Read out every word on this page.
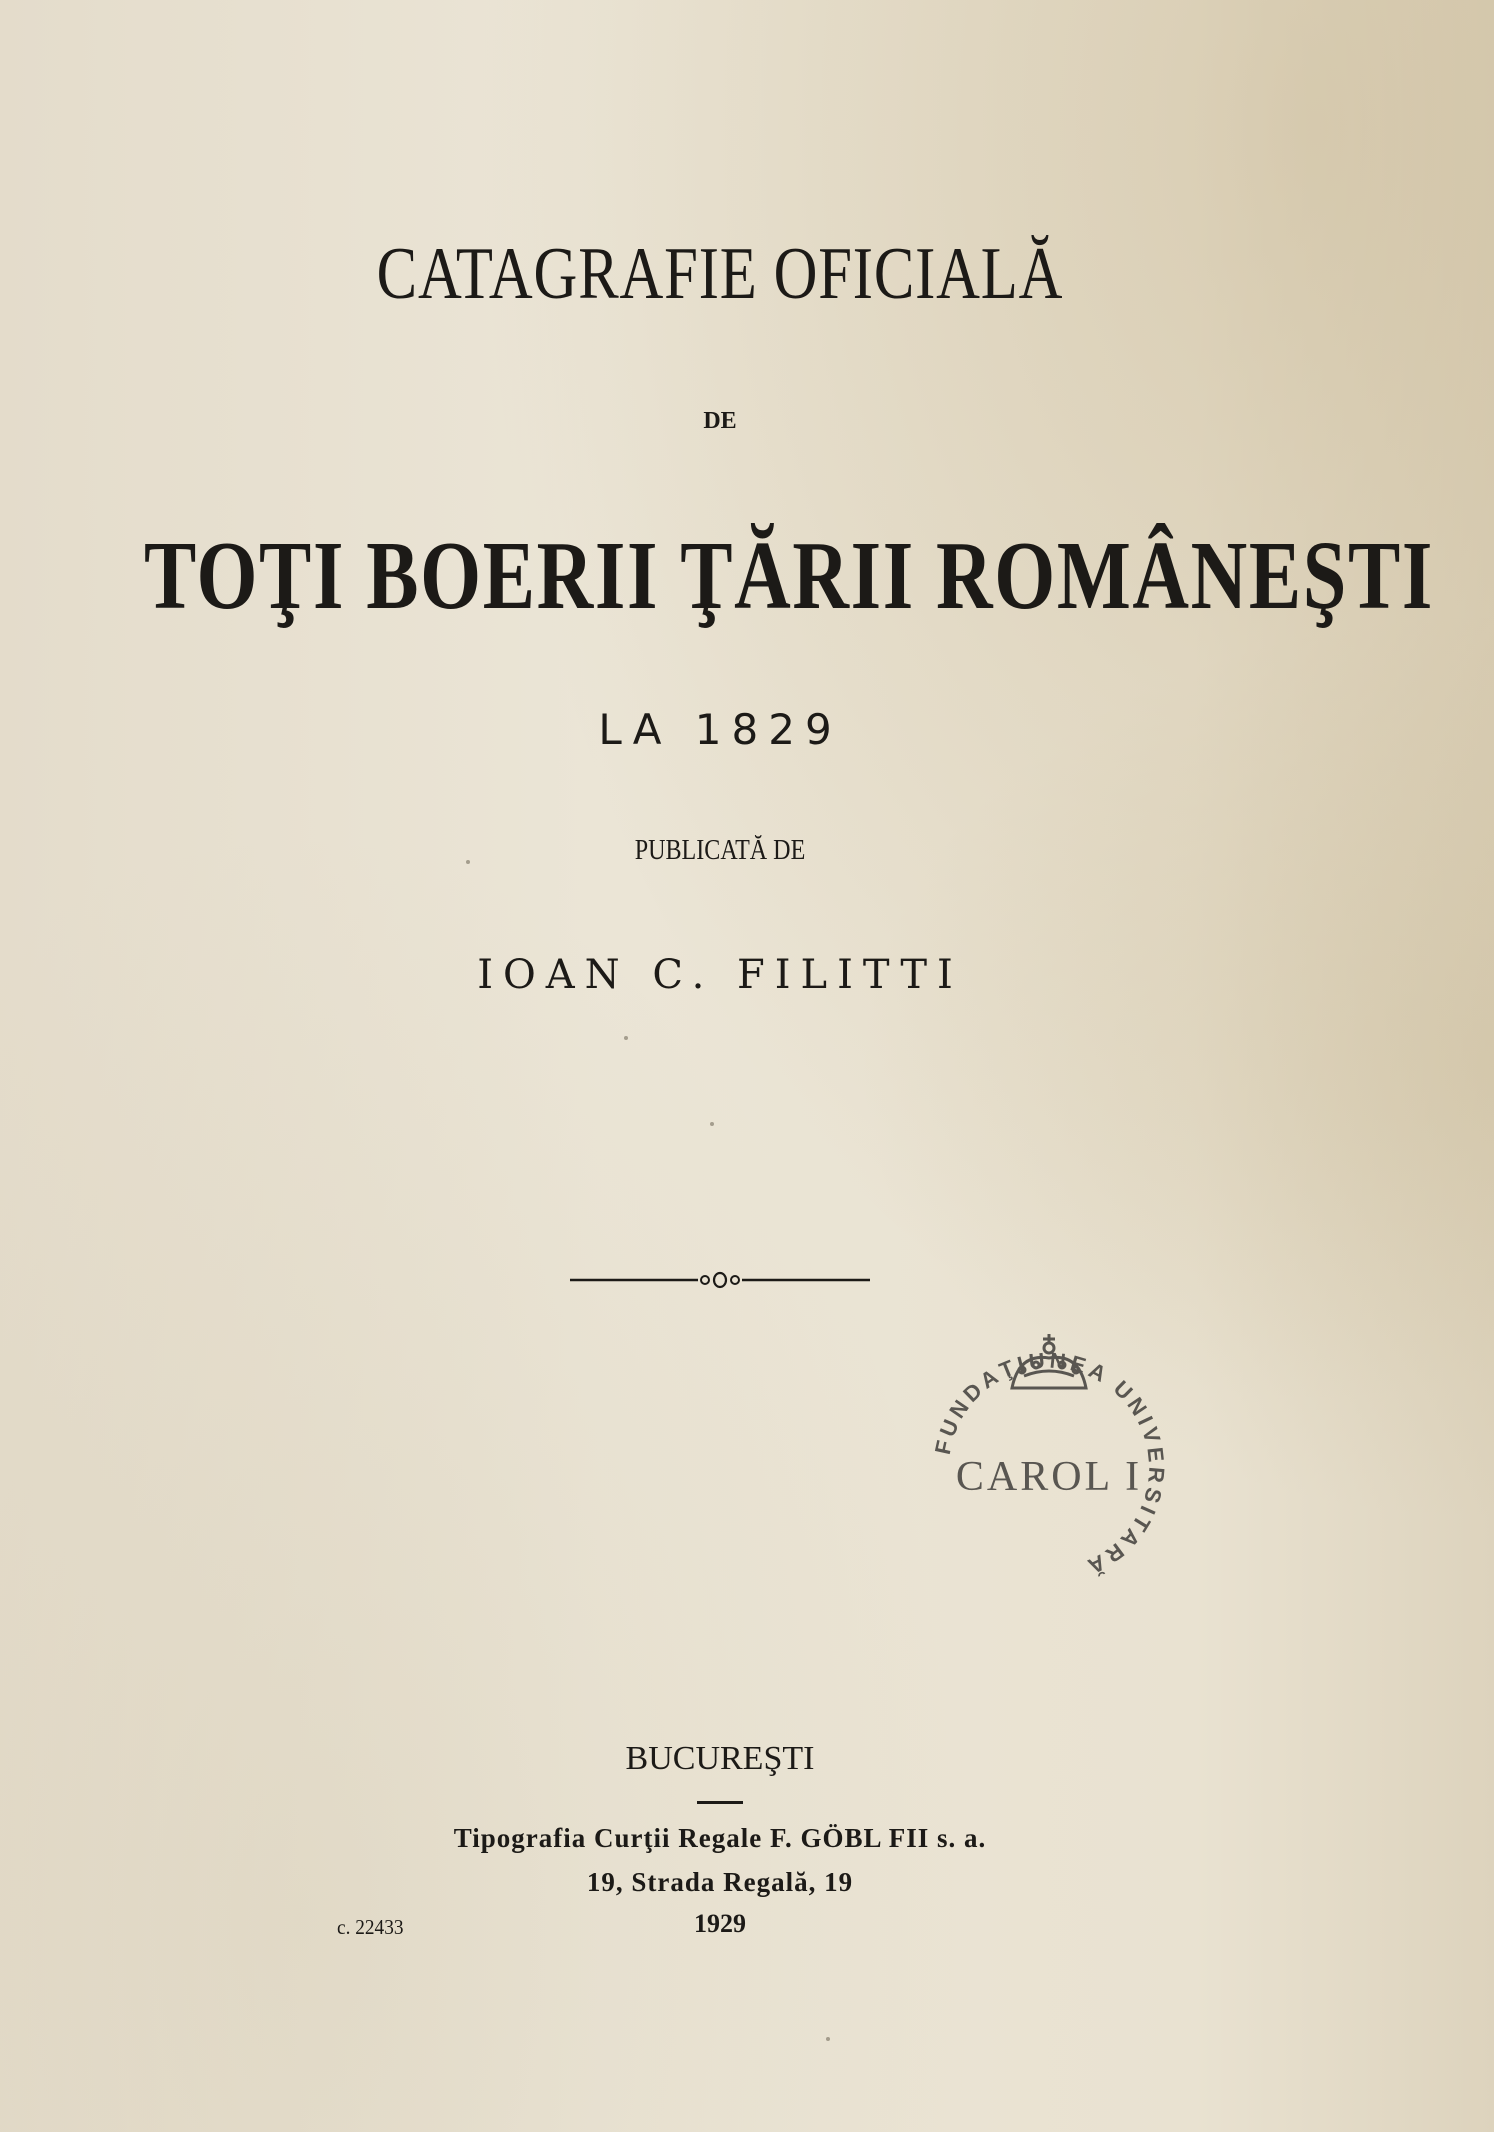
CATAGRAFIE OFICIALĂ
DE
TOŢI BOERII ŢĂRII ROMÂNEŞTI
LA 1829
PUBLICATĂ DE
IOAN C. FILITTI
CAROL I
FUNDAŢIUNEA UNIVERSITARĂ
BUCUREŞTI
Tipografia Curţii Regale F. GÖBL FII s. a.
19, Strada Regală, 19
1929
c. 22433
